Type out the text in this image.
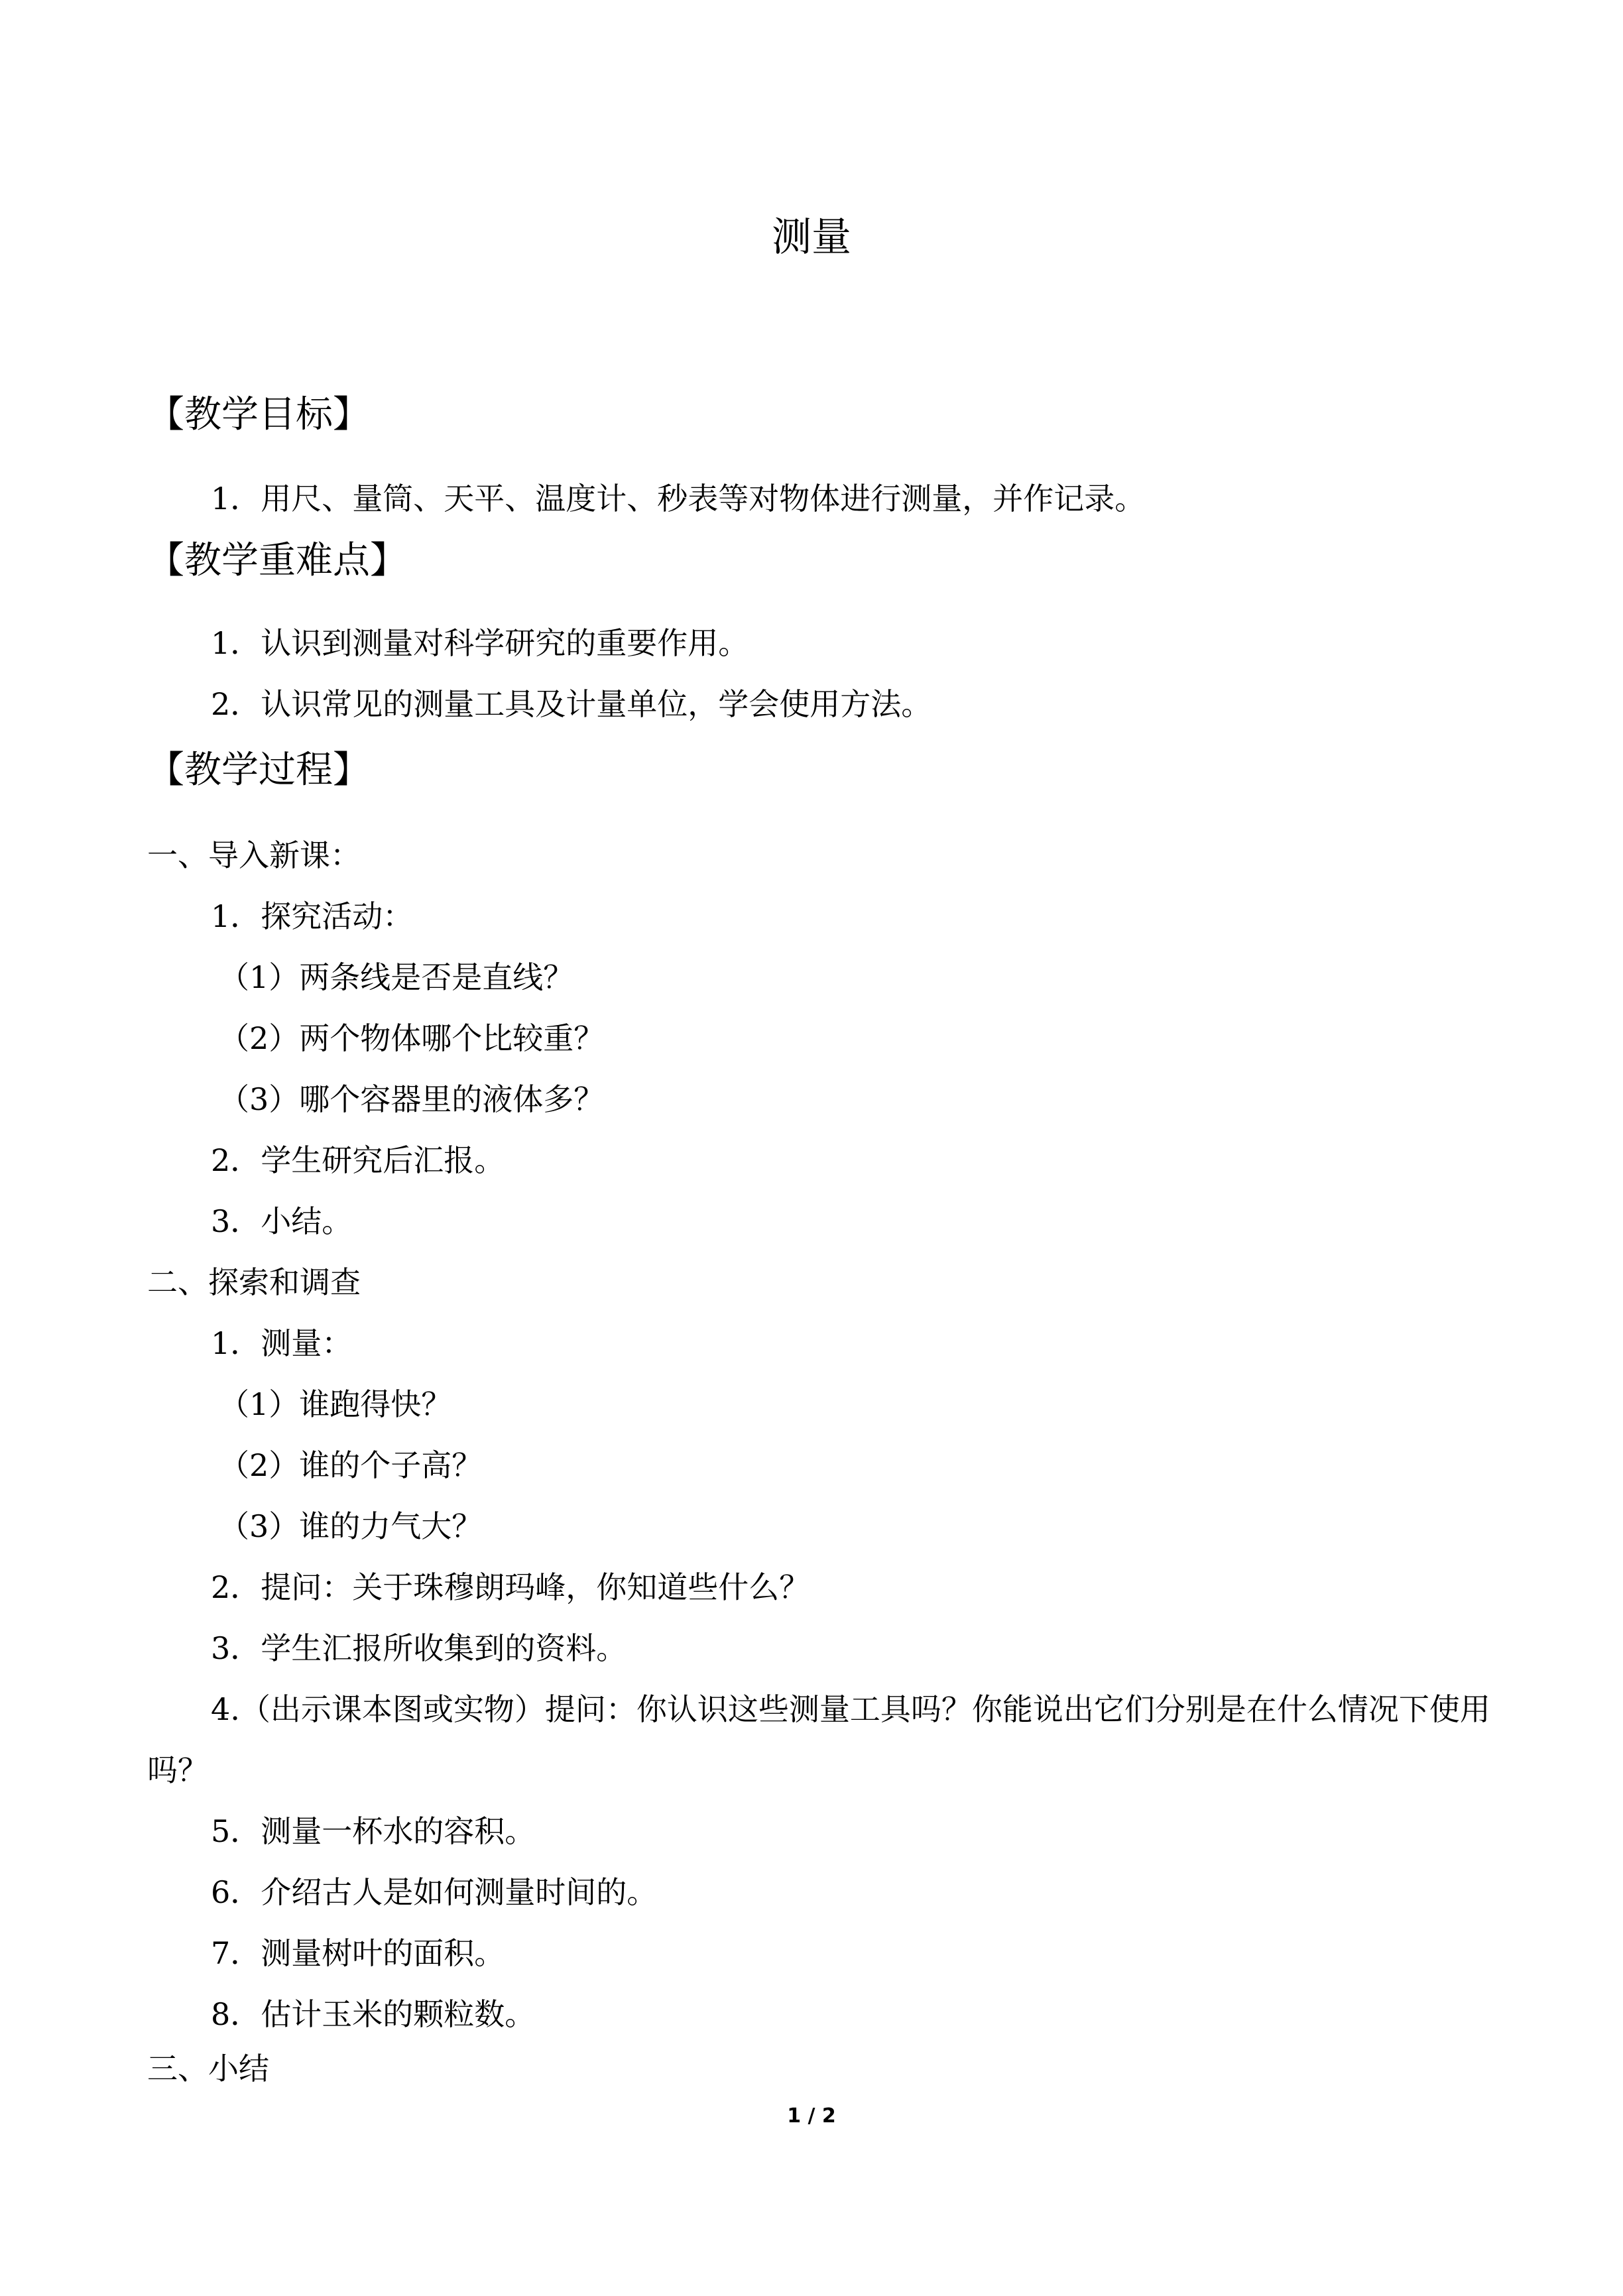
测量
【教学目标】
1．用尺、量筒、天平、温度计、秒表等对物体进行测量，并作记录。
【教学重难点】
1．认识到测量对科学研究的重要作用。
2．认识常见的测量工具及计量单位，学会使用方法。
【教学过程】
一、导入新课：
1．探究活动：
（1）两条线是否是直线？
（2）两个物体哪个比较重？
（3）哪个容器里的液体多？
2．学生研究后汇报。
3．小结。
二、探索和调查
1．测量：
（1）谁跑得快？
（2）谁的个子高？
（3）谁的力气大？
2．提问：关于珠穆朗玛峰，你知道些什么？
3．学生汇报所收集到的资料。
4.（出示课本图或实物）提问：你认识这些测量工具吗？你能说出它们分别是在什么情况下使用吗？
5．测量一杯水的容积。
6．介绍古人是如何测量时间的。
7．测量树叶的面积。
8．估计玉米的颗粒数。
三、小结
1 / 2
